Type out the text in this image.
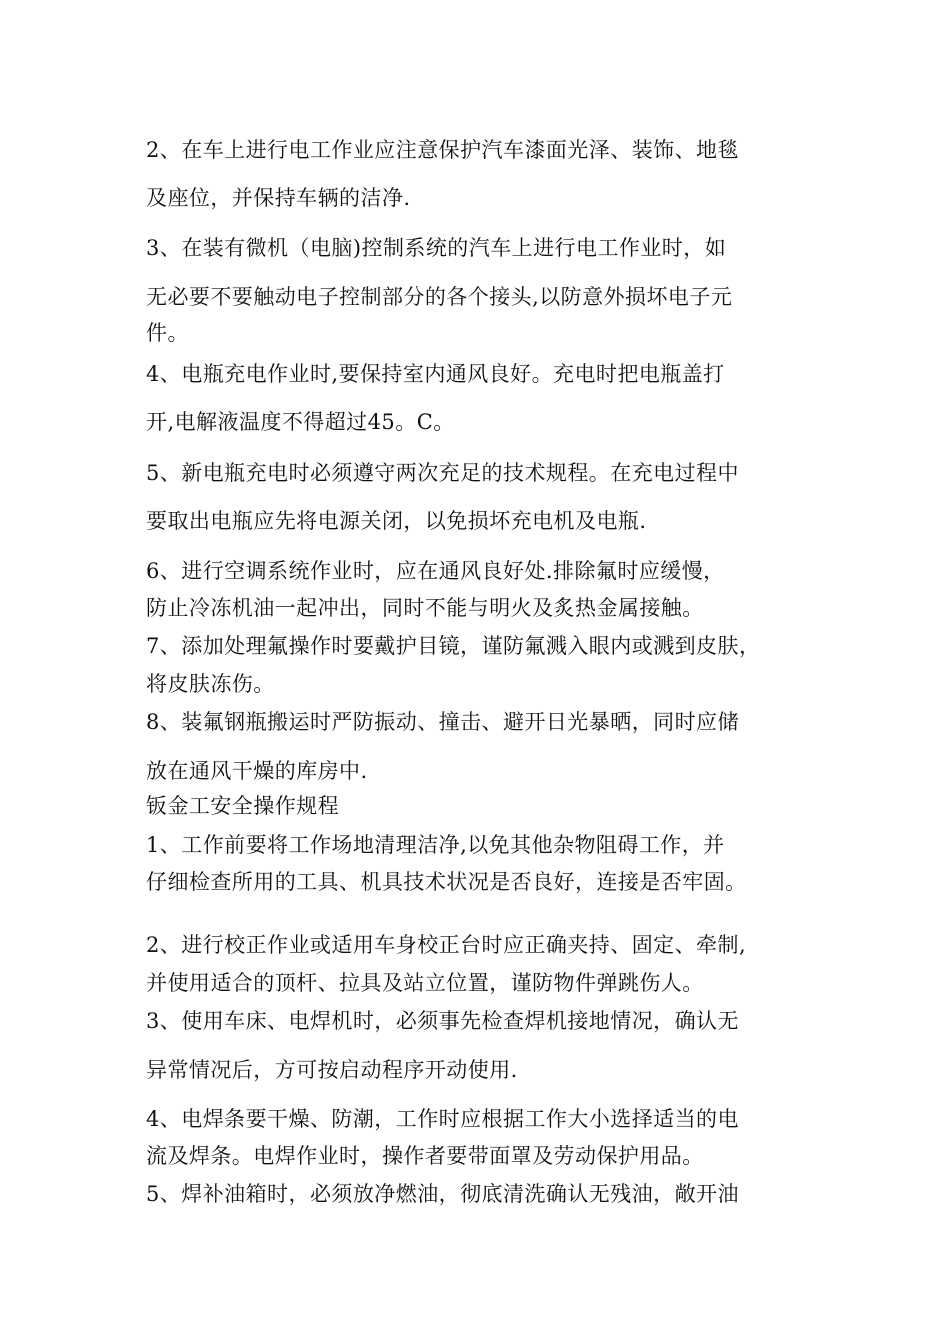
2、在车上进行电工作业应注意保护汽车漆面光泽、装饰、地毯
及座位，并保持车辆的洁净.
3、在装有微机（电脑)控制系统的汽车上进行电工作业时，如
无必要不要触动电子控制部分的各个接头,以防意外损坏电子元
件。
4、电瓶充电作业时,要保持室内通风良好。充电时把电瓶盖打
开,电解液温度不得超过45。C。
5、新电瓶充电时必须遵守两次充足的技术规程。在充电过程中
要取出电瓶应先将电源关闭，以免损坏充电机及电瓶.
6、进行空调系统作业时，应在通风良好处.排除氟时应缓慢，
防止冷冻机油一起冲出，同时不能与明火及炙热金属接触。
7、添加处理氟操作时要戴护目镜，谨防氟溅入眼内或溅到皮肤，
将皮肤冻伤。
8、装氟钢瓶搬运时严防振动、撞击、避开日光暴晒，同时应储
放在通风干燥的库房中.
钣金工安全操作规程
1、工作前要将工作场地清理洁净,以免其他杂物阻碍工作，并
仔细检查所用的工具、机具技术状况是否良好，连接是否牢固。
2、进行校正作业或适用车身校正台时应正确夹持、固定、牵制,
并使用适合的顶杆、拉具及站立位置，谨防物件弹跳伤人。
3、使用车床、电焊机时，必须事先检查焊机接地情况，确认无
异常情况后，方可按启动程序开动使用.
4、电焊条要干燥、防潮，工作时应根据工作大小选择适当的电
流及焊条。电焊作业时，操作者要带面罩及劳动保护用品。
5、焊补油箱时，必须放净燃油，彻底清洗确认无残油，敞开油
